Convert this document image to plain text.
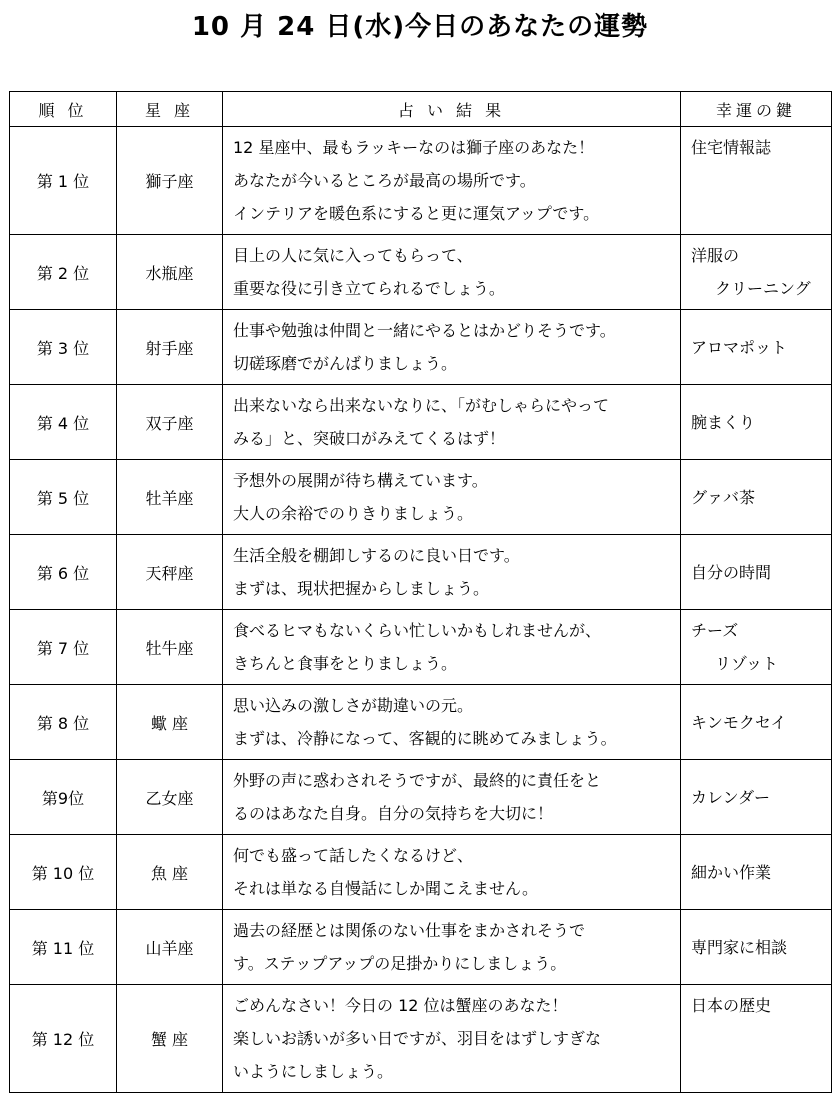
10 月 24 日(水)今日のあなたの運勢
順 位	星 座	占 い 結 果	幸運の鍵
第 1 位	獅子座	12 星座中、最もラッキーなのは獅子座のあなた！
あなたが今いるところが最高の場所です。
インテリアを暖色系にすると更に運気アップです。	住宅情報誌

第 2 位	水瓶座	目上の人に気に入ってもらって、
重要な役に引き立てられるでしょう。	洋服の
クリーニング

第 3 位	射手座	仕事や勉強は仲間と一緒にやるとはかどりそうです。
切磋琢磨でがんばりましょう。	アロマポット

第 4 位	双子座	出来ないなら出来ないなりに、「がむしゃらにやって
みる」と、突破口がみえてくるはず！	腕まくり

第 5 位	牡羊座	予想外の展開が待ち構えています。
大人の余裕でのりきりましょう。	グァバ茶

第 6 位	天秤座	生活全般を棚卸しするのに良い日です。
まずは、現状把握からしましょう。	自分の時間

第 7 位	牡牛座	食べるヒマもないくらい忙しいかもしれませんが、
きちんと食事をとりましょう。	チーズ
リゾット

第 8 位	蠍 座	思い込みの激しさが勘違いの元。
まずは、冷静になって、客観的に眺めてみましょう。	キンモクセイ

第9位	乙女座	外野の声に惑わされそうですが、最終的に責任をと
るのはあなた自身。自分の気持ちを大切に！	カレンダー

第 10 位	魚 座	何でも盛って話したくなるけど、
それは単なる自慢話にしか聞こえません。	細かい作業

第 11 位	山羊座	過去の経歴とは関係のない仕事をまかされそうで
す。ステップアップの足掛かりにしましょう。	専門家に相談

第 12 位	蟹 座	ごめんなさい！今日の 12 位は蟹座のあなた！
楽しいお誘いが多い日ですが、羽目をはずしすぎな
いようにしましょう。	日本の歴史
